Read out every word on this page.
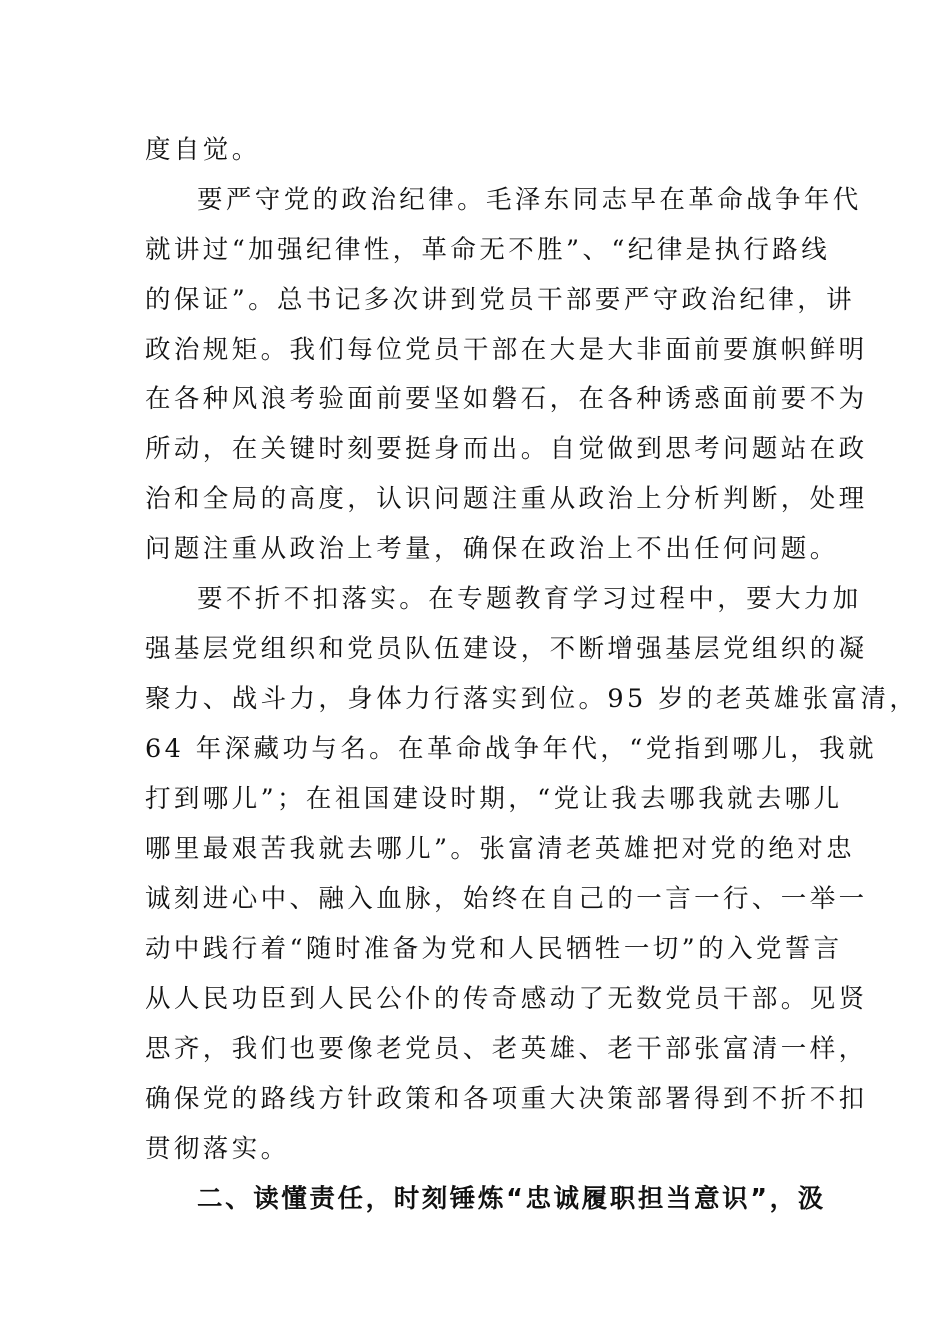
度自觉。
要严守党的政治纪律。毛泽东同志早在革命战争年代
就讲过“加强纪律性，革命无不胜”、“纪律是执行路线
的保证”。总书记多次讲到党员干部要严守政治纪律，讲
政治规矩。我们每位党员干部在大是大非面前要旗帜鲜明
在各种风浪考验面前要坚如磐石，在各种诱惑面前要不为
所动，在关键时刻要挺身而出。自觉做到思考问题站在政
治和全局的高度，认识问题注重从政治上分析判断，处理
问题注重从政治上考量，确保在政治上不出任何问题。
要不折不扣落实。在专题教育学习过程中，要大力加
强基层党组织和党员队伍建设，不断增强基层党组织的凝
聚力、战斗力，身体力行落实到位。95 岁的老英雄张富清，
64 年深藏功与名。在革命战争年代，“党指到哪儿，我就
打到哪儿”；在祖国建设时期，“党让我去哪我就去哪儿
哪里最艰苦我就去哪儿”。张富清老英雄把对党的绝对忠
诚刻进心中、融入血脉，始终在自己的一言一行、一举一
动中践行着“随时准备为党和人民牺牲一切”的入党誓言
从人民功臣到人民公仆的传奇感动了无数党员干部。见贤
思齐，我们也要像老党员、老英雄、老干部张富清一样，
确保党的路线方针政策和各项重大决策部署得到不折不扣
贯彻落实。
二、读懂责任，时刻锤炼“忠诚履职担当意识”，汲
